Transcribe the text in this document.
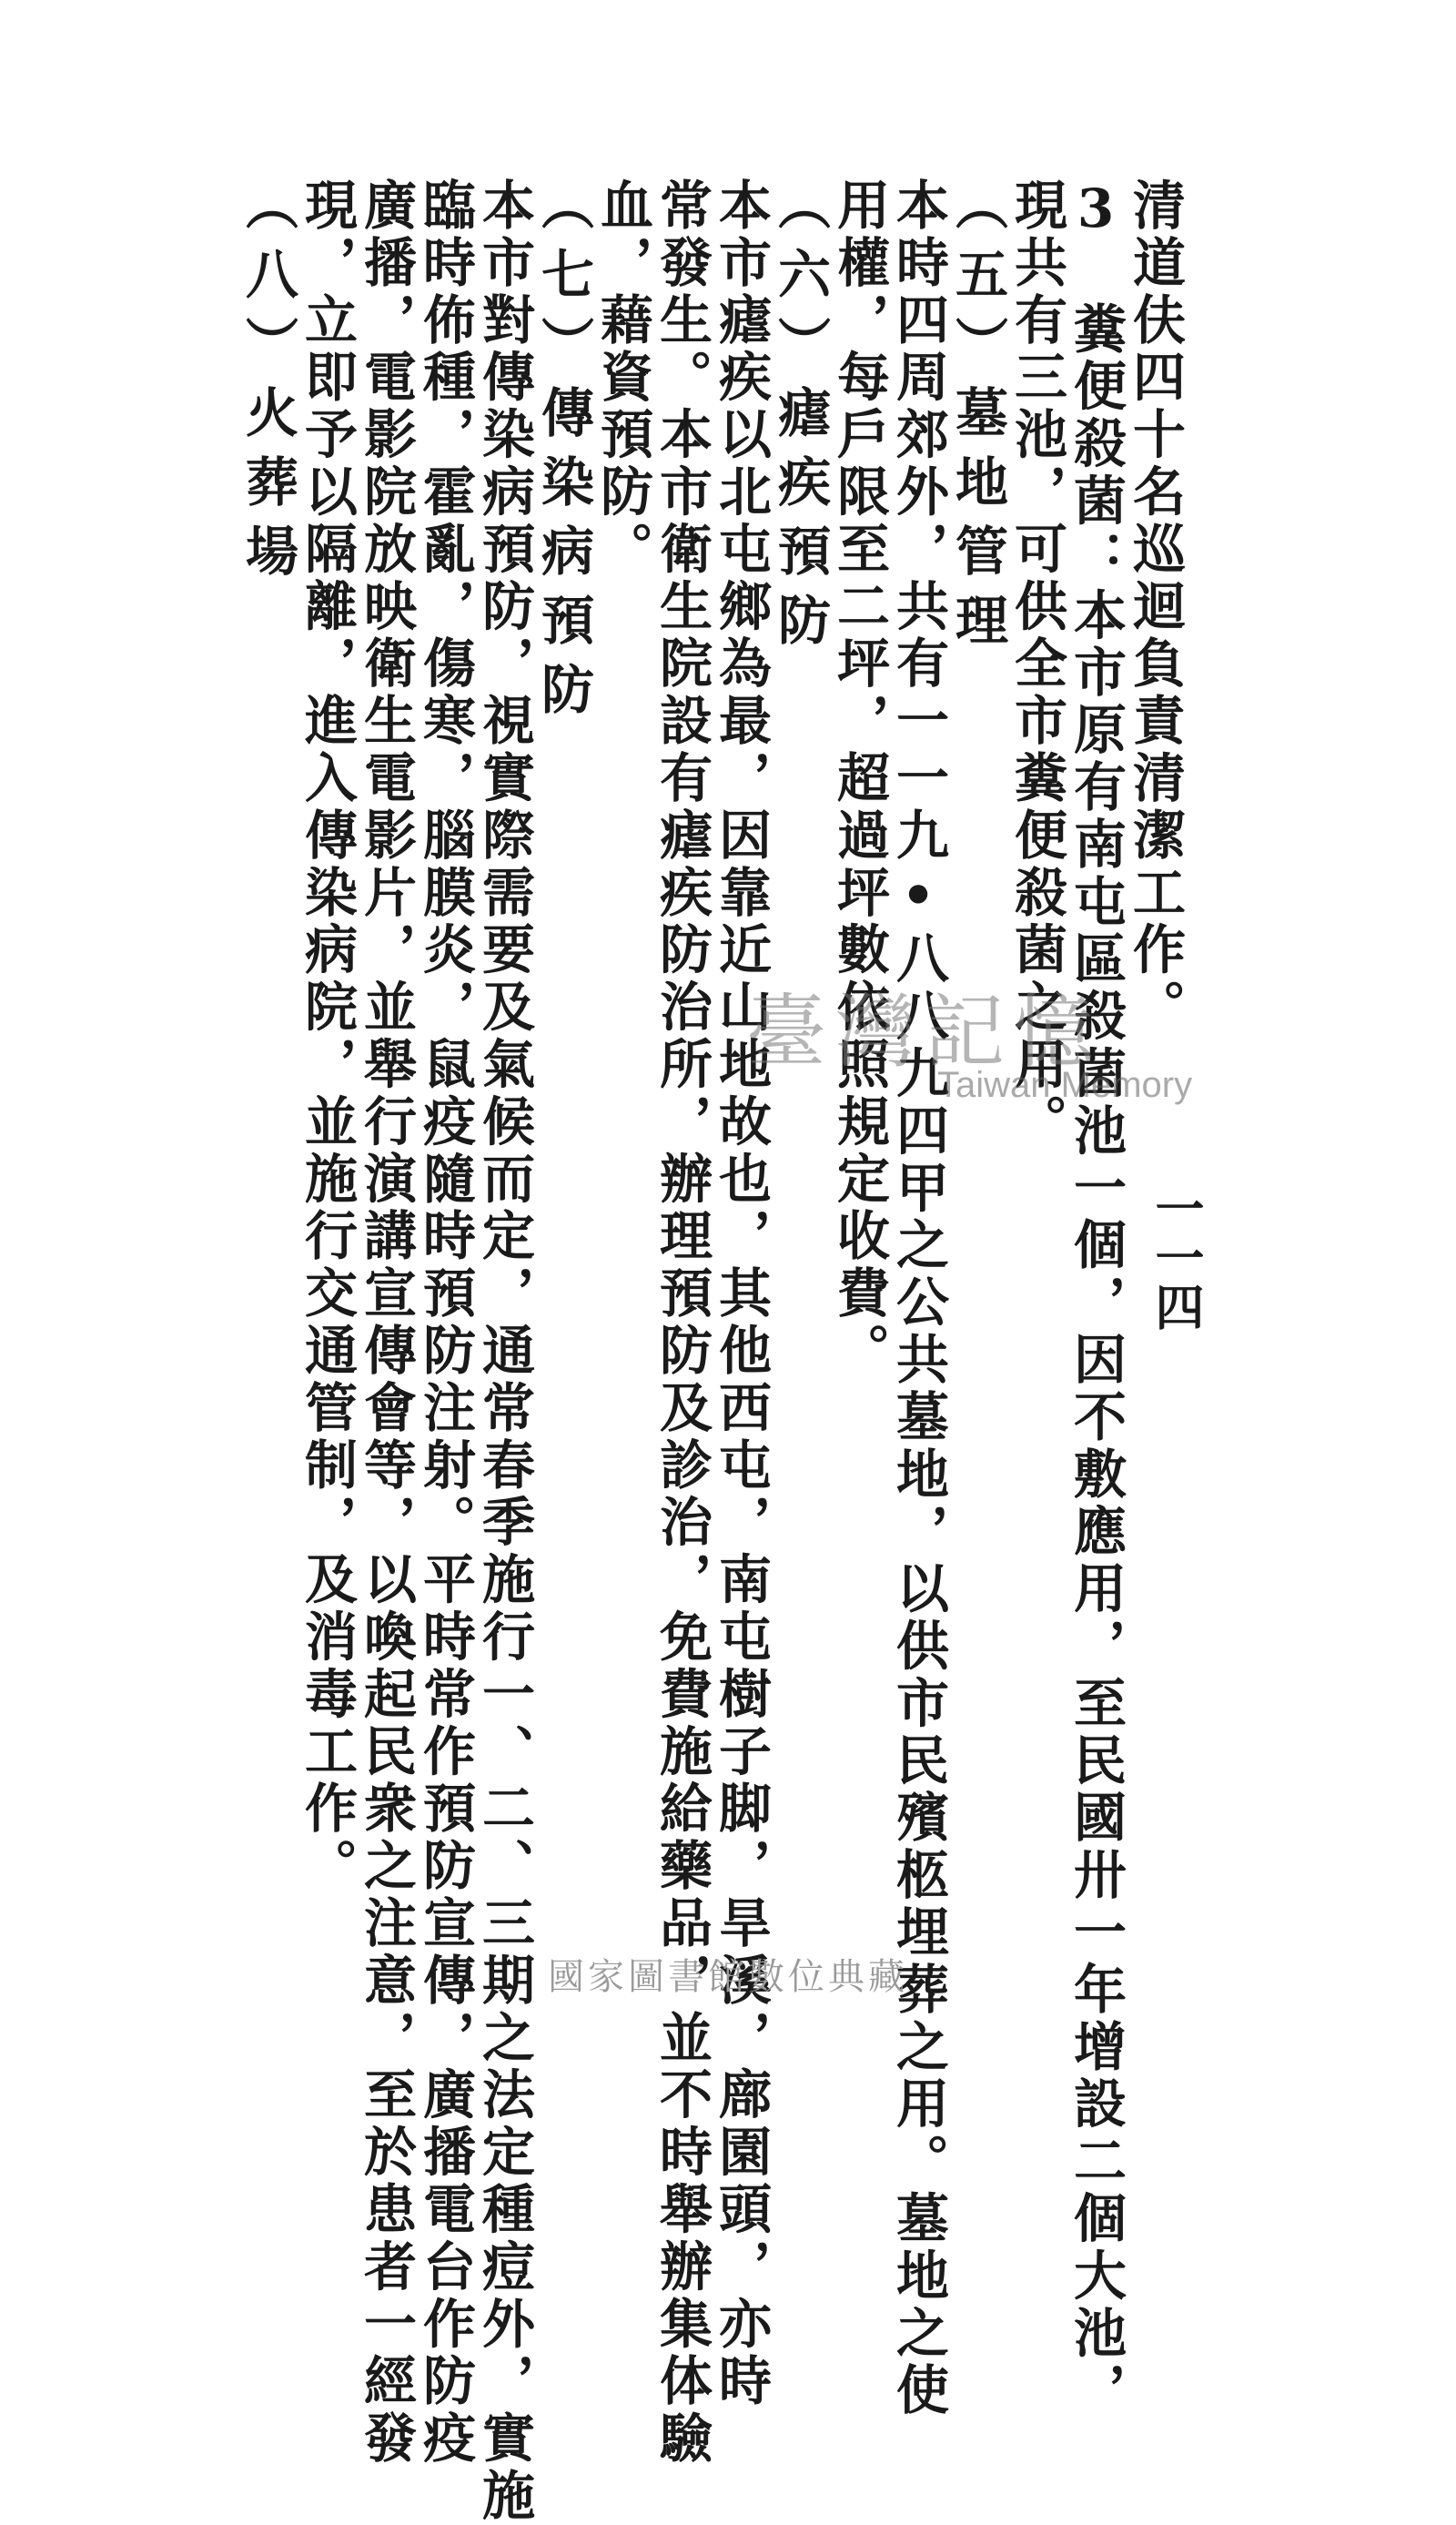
一一四
清道伕四十名巡迴負責清潔工作。
3　糞便殺菌：本市原有南屯區殺菌池一個，因不敷應用，至民國卅一年增設二個大池，
現共有三池，可供全市糞便殺菌之用。
（五）墓地管理
本時四周郊外，共有一一九•八八九四甲之公共墓地，以供市民殯柩埋葬之用。墓地之使
用權，每戶限至二坪，超過坪數依照規定收費。
（六）瘧疾預防
本市瘧疾以北屯鄉為最，因靠近山地故也，其他西屯，南屯樹子脚，旱溪，廍園頭，亦時
常發生。本市衛生院設有瘧疾防治所，辦理預防及診治，免費施給藥品，並不時舉辦集体驗
血，藉資預防。
（七）傳染病預防
本市對傳染病預防，視實際需要及氣候而定，通常春季施行一、二、三期之法定種痘外，實施
臨時佈種，霍亂，傷寒，腦膜炎，鼠疫隨時預防注射。平時常作預防宣傳，廣播電台作防疫
廣播，電影院放映衛生電影片，並舉行演講宣傳會等，以喚起民衆之注意，至於患者一經發
現，立即予以隔離，進入傳染病院，並施行交通管制，及消毒工作。
（八）火葬場
臺灣記憶
Taiwan Memory
國家圖書館數位典藏
